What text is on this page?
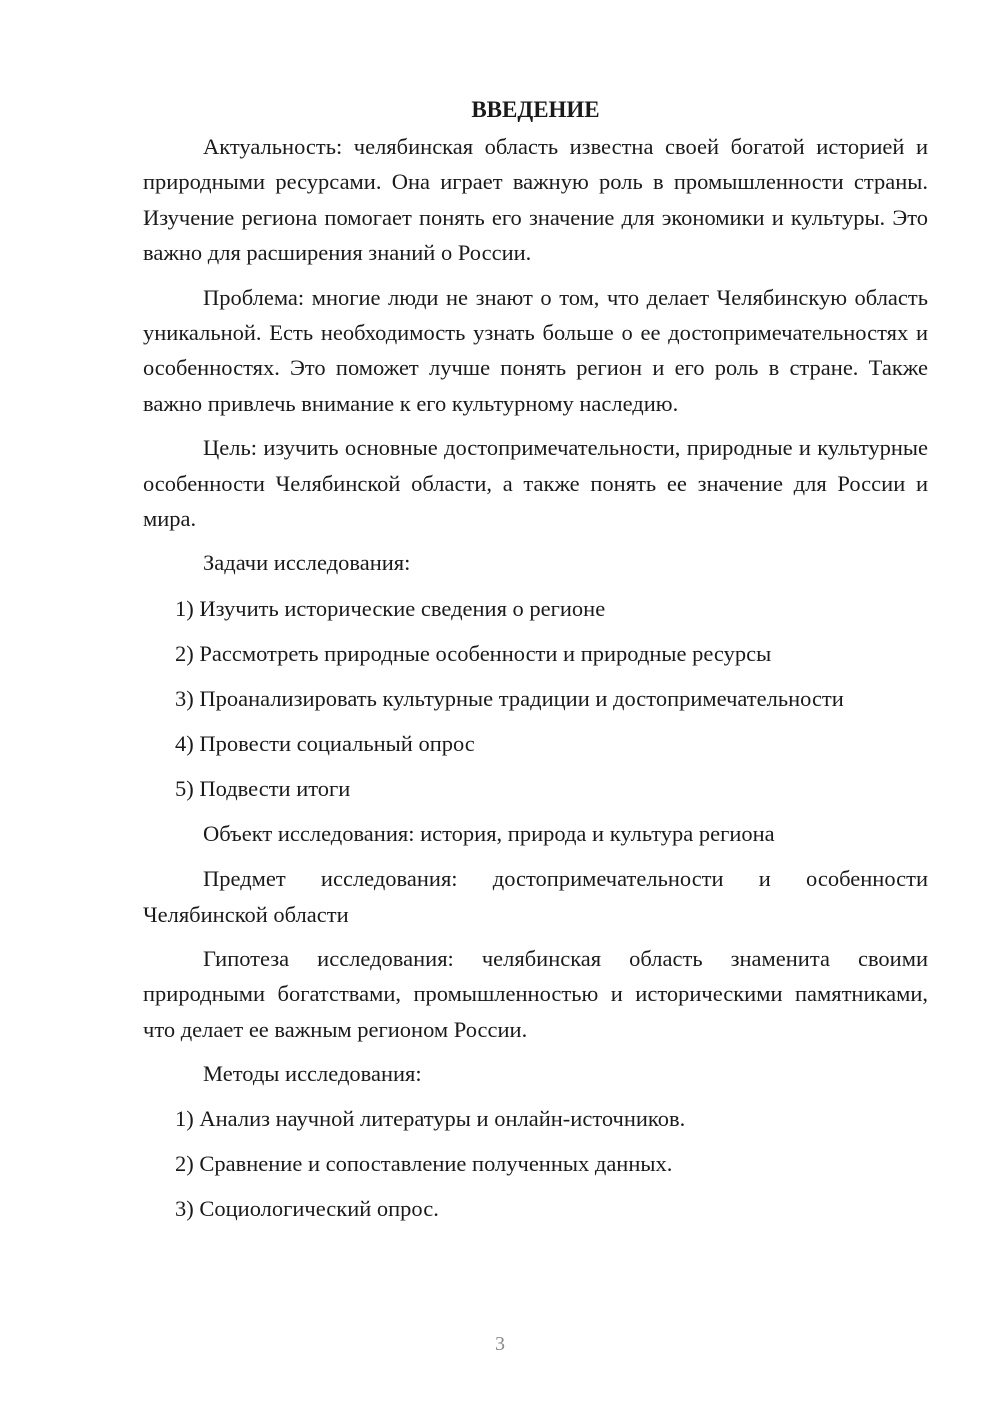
ВВЕДЕНИЕ

Актуальность: челябинская область известна своей богатой историей и природными ресурсами. Она играет важную роль в промышленности страны. Изучение региона помогает понять его значение для экономики и культуры. Это важно для расширения знаний о России.

Проблема: многие люди не знают о том, что делает Челябинскую область уникальной. Есть необходимость узнать больше о ее достопримечательностях и особенностях. Это поможет лучше понять регион и его роль в стране. Также важно привлечь внимание к его культурному наследию.

Цель: изучить основные достопримечательности, природные и культурные особенности Челябинской области, а также понять ее значение для России и мира.

Задачи исследования:

1) Изучить исторические сведения о регионе

2) Рассмотреть природные особенности и природные ресурсы

3) Проанализировать культурные традиции и достопримечательности

4) Провести социальный опрос

5) Подвести итоги

Объект исследования: история, природа и культура региона

Предмет исследования: достопримечательности и особенности Челябинской области

Гипотеза исследования: челябинская область знаменита своими природными богатствами, промышленностью и историческими памятниками, что делает ее важным регионом России.

Методы исследования:

1) Анализ научной литературы и онлайн-источников.

2) Сравнение и сопоставление полученных данных.

3) Социологический опрос.

3
